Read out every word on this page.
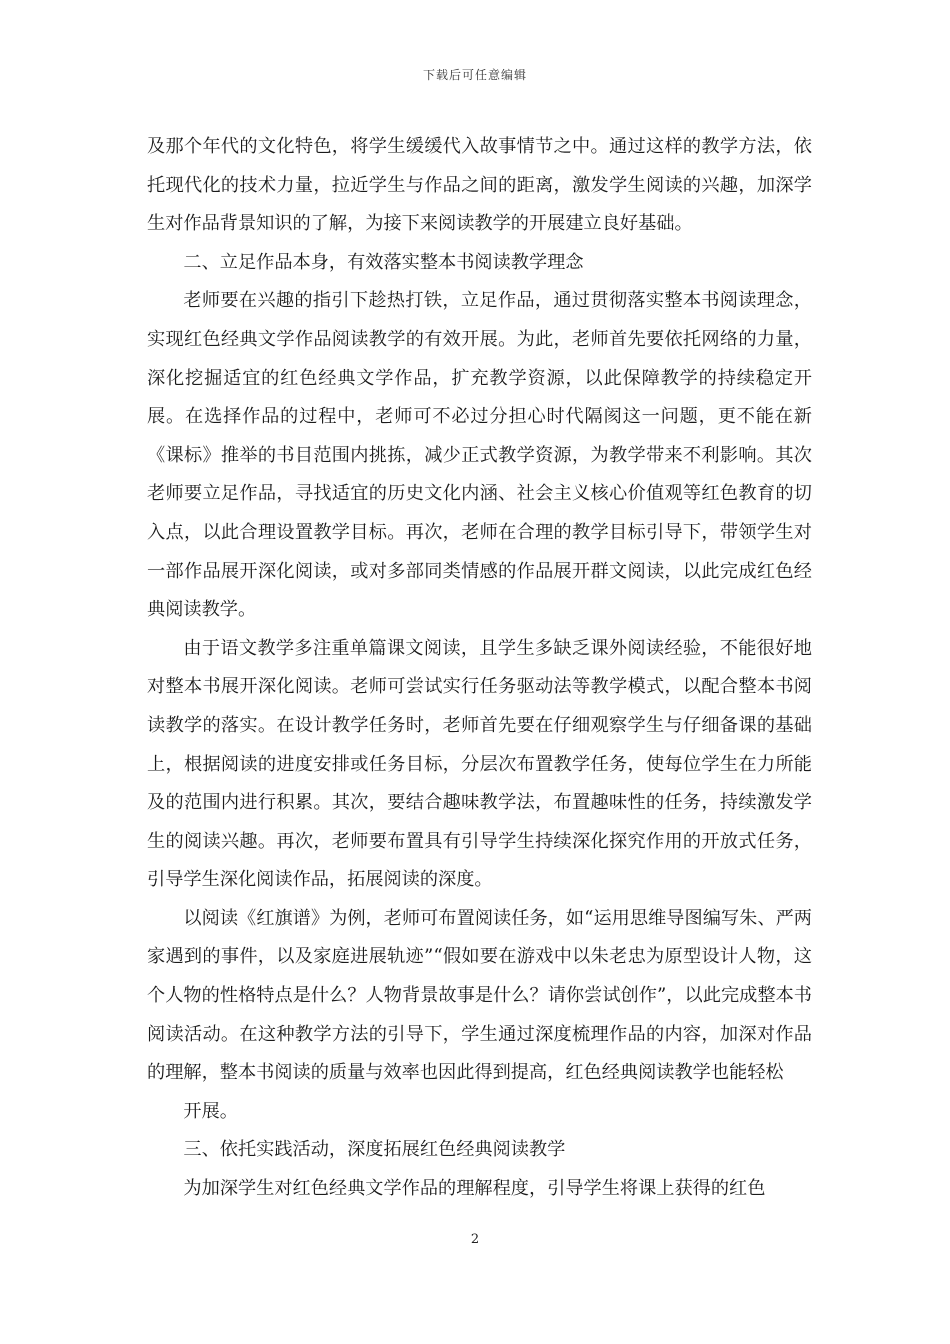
下载后可任意编辑

及那个年代的文化特色，将学生缓缓代入故事情节之中。通过这样的教学方法，依托现代化的技术力量，拉近学生与作品之间的距离，激发学生阅读的兴趣，加深学生对作品背景知识的了解，为接下来阅读教学的开展建立良好基础。

二、立足作品本身，有效落实整本书阅读教学理念

老师要在兴趣的指引下趁热打铁，立足作品，通过贯彻落实整本书阅读理念，实现红色经典文学作品阅读教学的有效开展。为此，老师首先要依托网络的力量，深化挖掘适宜的红色经典文学作品，扩充教学资源，以此保障教学的持续稳定开展。在选择作品的过程中，老师可不必过分担心时代隔阂这一问题，更不能在新《课标》推举的书目范围内挑拣，减少正式教学资源，为教学带来不利影响。其次老师要立足作品，寻找适宜的历史文化内涵、社会主义核心价值观等红色教育的切入点，以此合理设置教学目标。再次，老师在合理的教学目标引导下，带领学生对一部作品展开深化阅读，或对多部同类情感的作品展开群文阅读，以此完成红色经典阅读教学。

由于语文教学多注重单篇课文阅读，且学生多缺乏课外阅读经验，不能很好地对整本书展开深化阅读。老师可尝试实行任务驱动法等教学模式，以配合整本书阅读教学的落实。在设计教学任务时，老师首先要在仔细观察学生与仔细备课的基础上，根据阅读的进度安排或任务目标，分层次布置教学任务，使每位学生在力所能及的范围内进行积累。其次，要结合趣味教学法，布置趣味性的任务，持续激发学生的阅读兴趣。再次，老师要布置具有引导学生持续深化探究作用的开放式任务，引导学生深化阅读作品，拓展阅读的深度。

以阅读《红旗谱》为例，老师可布置阅读任务，如“运用思维导图编写朱、严两家遇到的事件，以及家庭进展轨迹”“假如要在游戏中以朱老忠为原型设计人物，这个人物的性格特点是什么？人物背景故事是什么？请你尝试创作”，以此完成整本书阅读活动。在这种教学方法的引导下，学生通过深度梳理作品的内容，加深对作品的理解，整本书阅读的质量与效率也因此得到提高，红色经典阅读教学也能轻松

开展。

三、依托实践活动，深度拓展红色经典阅读教学

为加深学生对红色经典文学作品的理解程度，引导学生将课上获得的红色

2
